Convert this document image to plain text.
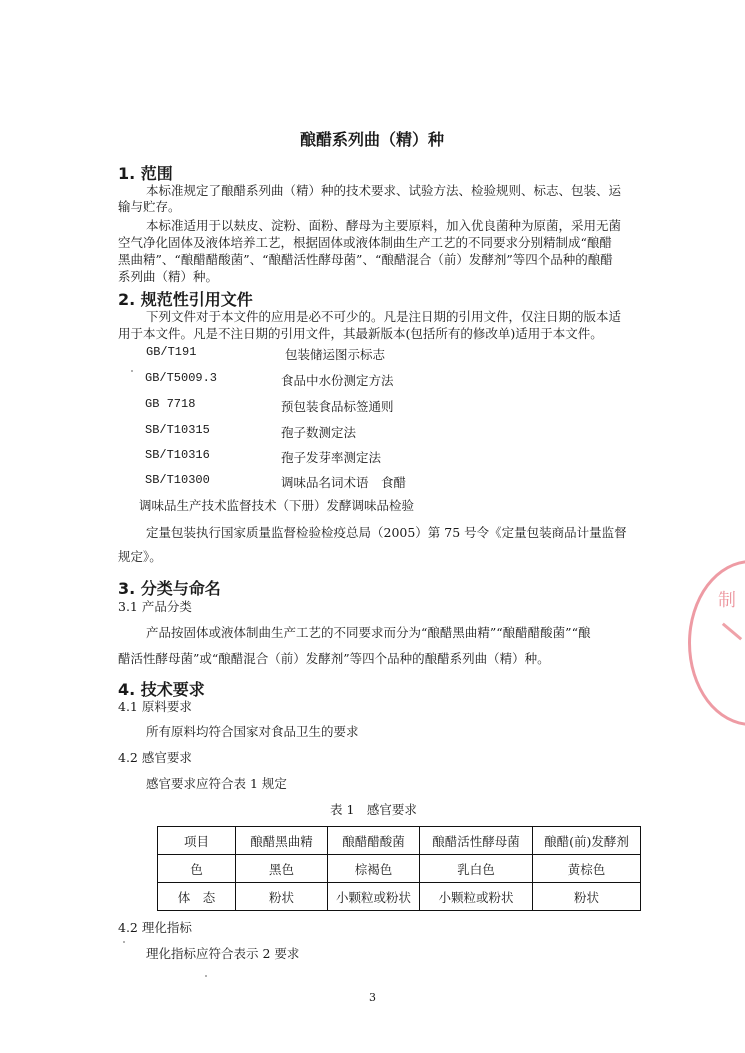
酿醋系列曲（精）种
1. 范围
本标准规定了酿醋系列曲（精）种的技术要求、试验方法、检验规则、标志、包装、运
输与贮存。
本标准适用于以麸皮、淀粉、面粉、酵母为主要原料，加入优良菌种为原菌，采用无菌
空气净化固体及液体培养工艺，根据固体或液体制曲生产工艺的不同要求分别精制成“酿醋
黑曲精”、“酿醋醋酸菌”、“酿醋活性酵母菌”、“酿醋混合（前）发酵剂”等四个品种的酿醋
系列曲（精）种。
2. 规范性引用文件
下列文件对于本文件的应用是必不可少的。凡是注日期的引用文件，仅注日期的版本适
用于本文件。凡是不注日期的引用文件，其最新版本(包括所有的修改单)适用于本文件。
GB/T191	包装储运图示标志
GB/T5009.3	食品中水份测定方法
GB 7718	预包装食品标签通则
SB/T10315	孢子数测定法
SB/T10316	孢子发芽率测定法
SB/T10300	调味品名词术语　食醋
调味品生产技术监督技术（下册）发酵调味品检验
定量包装执行国家质量监督检验检疫总局（2005）第 75 号令《定量包装商品计量监督
规定》。
3. 分类与命名
3.1 产品分类
产品按固体或液体制曲生产工艺的不同要求而分为“酿醋黑曲精”“酿醋醋酸菌”“酿
醋活性酵母菌”或“酿醋混合（前）发酵剂”等四个品种的酿醋系列曲（精）种。
4. 技术要求
4.1 原料要求
所有原料均符合国家对食品卫生的要求
4.2 感官要求
感官要求应符合表 1 规定
表 1　感官要求
项目	酿醋黑曲精	酿醋醋酸菌	酿醋活性酵母菌	酿醋(前)发酵剂
色	黑色	棕褐色	乳白色	黄棕色
体　态	粉状	小颗粒或粉状	小颗粒或粉状	粉状
4.2 理化指标
理化指标应符合表示 2 要求
3
制
